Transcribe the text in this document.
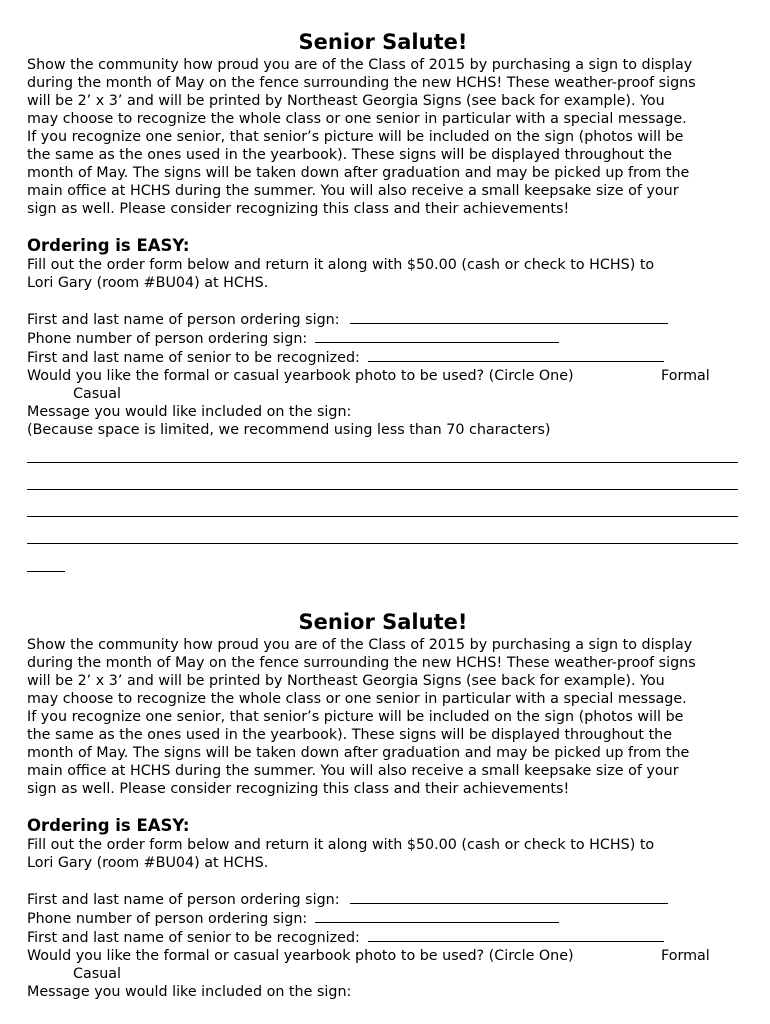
Senior Salute!
Show the community how proud you are of the Class of 2015 by purchasing a sign to display
during the month of May on the fence surrounding the new HCHS! These weather-proof signs
will be 2’ x 3’ and will be printed by Northeast Georgia Signs (see back for example). You
may choose to recognize the whole class or one senior in particular with a special message.
If you recognize one senior, that senior’s picture will be included on the sign (photos will be
the same as the ones used in the yearbook). These signs will be displayed throughout the
month of May. The signs will be taken down after graduation and may be picked up from the
main office at HCHS during the summer. You will also receive a small keepsake size of your
sign as well. Please consider recognizing this class and their achievements!
Ordering is EASY:
Fill out the order form below and return it along with $50.00 (cash or check to HCHS) to
Lori Gary (room #BU04) at HCHS.
First and last name of person ordering sign:
Phone number of person ordering sign:
First and last name of senior to be recognized:
Would you like the formal or casual yearbook photo to be used? (Circle One)	Formal
Casual
Message you would like included on the sign:
(Because space is limited, we recommend using less than 70 characters)
Senior Salute!
Show the community how proud you are of the Class of 2015 by purchasing a sign to display
during the month of May on the fence surrounding the new HCHS! These weather-proof signs
will be 2’ x 3’ and will be printed by Northeast Georgia Signs (see back for example). You
may choose to recognize the whole class or one senior in particular with a special message.
If you recognize one senior, that senior’s picture will be included on the sign (photos will be
the same as the ones used in the yearbook). These signs will be displayed throughout the
month of May. The signs will be taken down after graduation and may be picked up from the
main office at HCHS during the summer. You will also receive a small keepsake size of your
sign as well. Please consider recognizing this class and their achievements!
Ordering is EASY:
Fill out the order form below and return it along with $50.00 (cash or check to HCHS) to
Lori Gary (room #BU04) at HCHS.
First and last name of person ordering sign:
Phone number of person ordering sign:
First and last name of senior to be recognized:
Would you like the formal or casual yearbook photo to be used? (Circle One)	Formal
Casual
Message you would like included on the sign:
